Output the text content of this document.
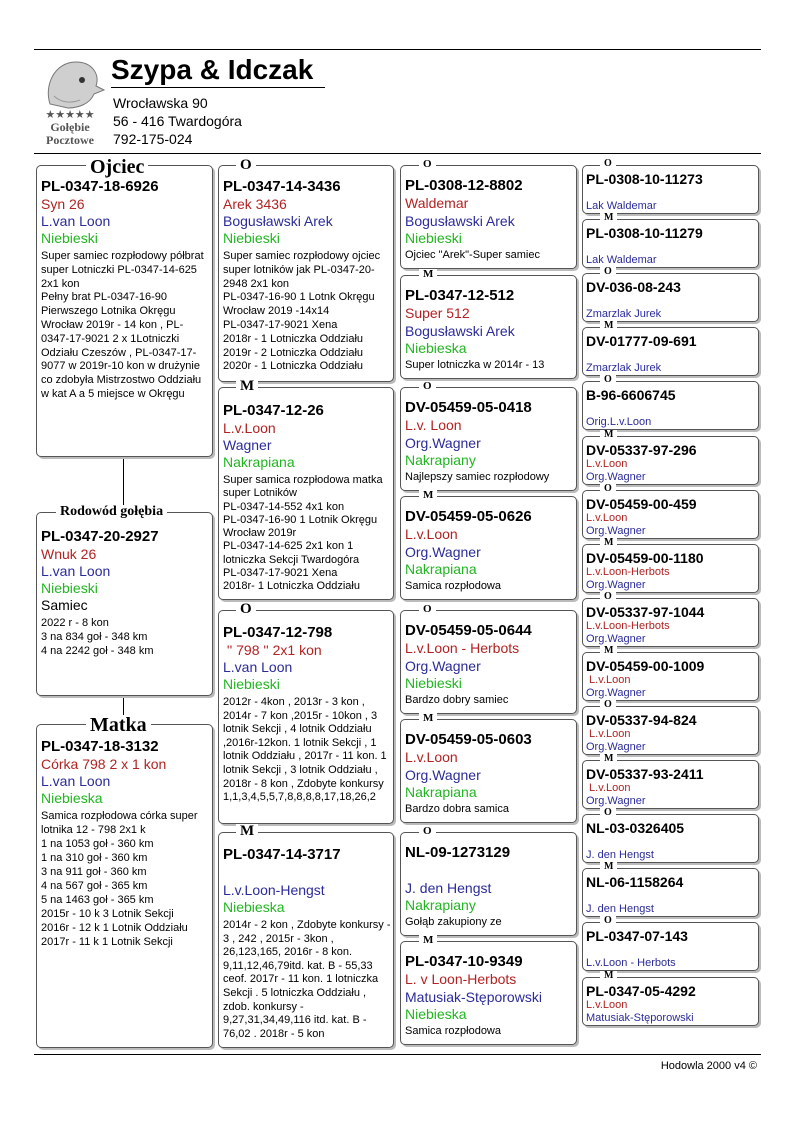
★★★★★
Gołębie
Pocztowe
Szypa & Idczak
Wrocławska 90
56 - 416 Twardogóra
792-175-024
PL-0347-18-6926
Syn 26
L.van Loon
Niebieski
Super samiec rozpłodowy półbrat super Lotniczki PL-0347-14-625 2x1 kon
Pełny brat PL-0347-16-90 Pierwszego Lotnika Okręgu Wrocław 2019r - 14 kon , PL-0347-17-9021 2 x 1Lotniczki Odziału Czeszów , PL-0347-17-9077 w 2019r-10 kon w drużynie co zdobyła Mistrzostwo Oddziału w kat A a 5 miejsce w Okręgu
Ojciec
PL-0347-20-2927
Wnuk 26
L.van Loon
Niebieski
Samiec
2022 r - 8 kon
3 na 834 goł - 348 km
4 na 2242 goł - 348 km
Rodowód gołębia
PL-0347-18-3132
Córka 798 2 x 1 kon
L.van Loon
Niebieska
Samica rozpłodowa córka super lotnika 12 - 798 2x1 k
1 na 1053 goł - 360 km
1 na 310 goł - 360 km
3 na 911 goł - 360 km
4 na 567 goł - 365 km
5 na 1463 goł - 365 km
2015r - 10 k 3 Lotnik Sekcji
2016r - 12 k 1 Lotnik Oddziału
2017r - 11 k 1 Lotnik Sekcji
Matka
PL-0347-14-3436
Arek 3436
Bogusławski Arek
Niebieski
Super samiec rozpłodowy ojciec super lotników jak PL-0347-20-2948 2x1 kon
PL-0347-16-90 1 Lotnk Okręgu Wrocław 2019 -14x14
PL-0347-17-9021 Xena
2018r - 1 Lotniczka Oddziału
2019r - 2 Lotniczka Oddziału
2020r - 1 Lotniczka Oddziału
O
PL-0347-12-26
L.v.Loon
Wagner
Nakrapiana
Super samica rozpłodowa matka super Lotników
PL-0347-14-552 4x1 kon
PL-0347-16-90 1 Lotnik Okręgu Wrocław 2019r
PL-0347-14-625 2x1 kon 1 lotniczka Sekcji Twardogóra
PL-0347-17-9021 Xena
2018r- 1 Lotniczka Oddziału
M
PL-0347-12-798
'' 798 '' 2x1 kon
L.van Loon
Niebieski
2012r - 4kon , 2013r - 3 kon , 2014r - 7 kon ,2015r - 10kon , 3 lotnik Sekcji , 4 lotnik Oddziału ,2016r-12kon. 1 lotnik Sekcji , 1 lotnik Oddziału , 2017r - 11 kon. 1 lotnik Sekcji , 3 lotnik Oddziału , 2018r - 8 kon , Zdobyte konkursy 1,1,3,4,5,5,7,8,8,8,8,17,18,26,2
O
PL-0347-14-3717
L.v.Loon-Hengst
Niebieska
2014r - 2 kon , Zdobyte konkursy - 3 , 242 , 2015r - 3kon , 26,123,165, 2016r - 8 kon. 9,11,12,46,79itd. kat. B - 55,33 ceof. 2017r - 11 kon. 1 lotniczka Sekcji . 5 lotniczka Oddziału , zdob. konkursy - 9,27,31,34,49,116 itd. kat. B - 76,02 . 2018r - 5 kon
M
PL-0308-12-8802
Waldemar
Bogusławski Arek
Niebieski
Ojciec "Arek"-Super samiec
O
PL-0347-12-512
Super 512
Bogusławski Arek
Niebieska
Super lotniczka w 2014r - 13
M
DV-05459-05-0418
L.v. Loon
Org.Wagner
Nakrapiany
Najlepszy samiec rozpłodowy
O
DV-05459-05-0626
L.v.Loon
Org.Wagner
Nakrapiana
Samica rozpłodowa
M
DV-05459-05-0644
L.v.Loon - Herbots
Org.Wagner
Niebieski
Bardzo dobry samiec
O
DV-05459-05-0603
L.v.Loon
Org.Wagner
Nakrapiana
Bardzo dobra samica
M
NL-09-1273129
J. den Hengst
Nakrapiany
Gołąb zakupiony ze
O
PL-0347-10-9349
L. v Loon-Herbots
Matusiak-Stęporowski
Niebieska
Samica rozpłodowa
M
PL-0308-10-11273
Lak Waldemar
O
PL-0308-10-11279
Lak Waldemar
M
DV-036-08-243
Zmarzlak Jurek
O
DV-01777-09-691
Zmarzlak Jurek
M
B-96-6606745
Orig.L.v.Loon
O
DV-05337-97-296
L.v.Loon
Org.Wagner
M
DV-05459-00-459
L.v.Loon
Org.Wagner
O
DV-05459-00-1180
L.v.Loon-Herbots
Org.Wagner
M
DV-05337-97-1044
L.v.Loon-Herbots
Org.Wagner
O
DV-05459-00-1009
L.v.Loon
Org.Wagner
M
DV-05337-94-824
L.v.Loon
Org.Wagner
O
DV-05337-93-2411
L.v.Loon
Org.Wagner
M
NL-03-0326405
J. den Hengst
O
NL-06-1158264
J. den Hengst
M
PL-0347-07-143
L.v.Loon - Herbots
O
PL-0347-05-4292
L.v.Loon
Matusiak-Stęporowski
M
Hodowla 2000 v4 ©
